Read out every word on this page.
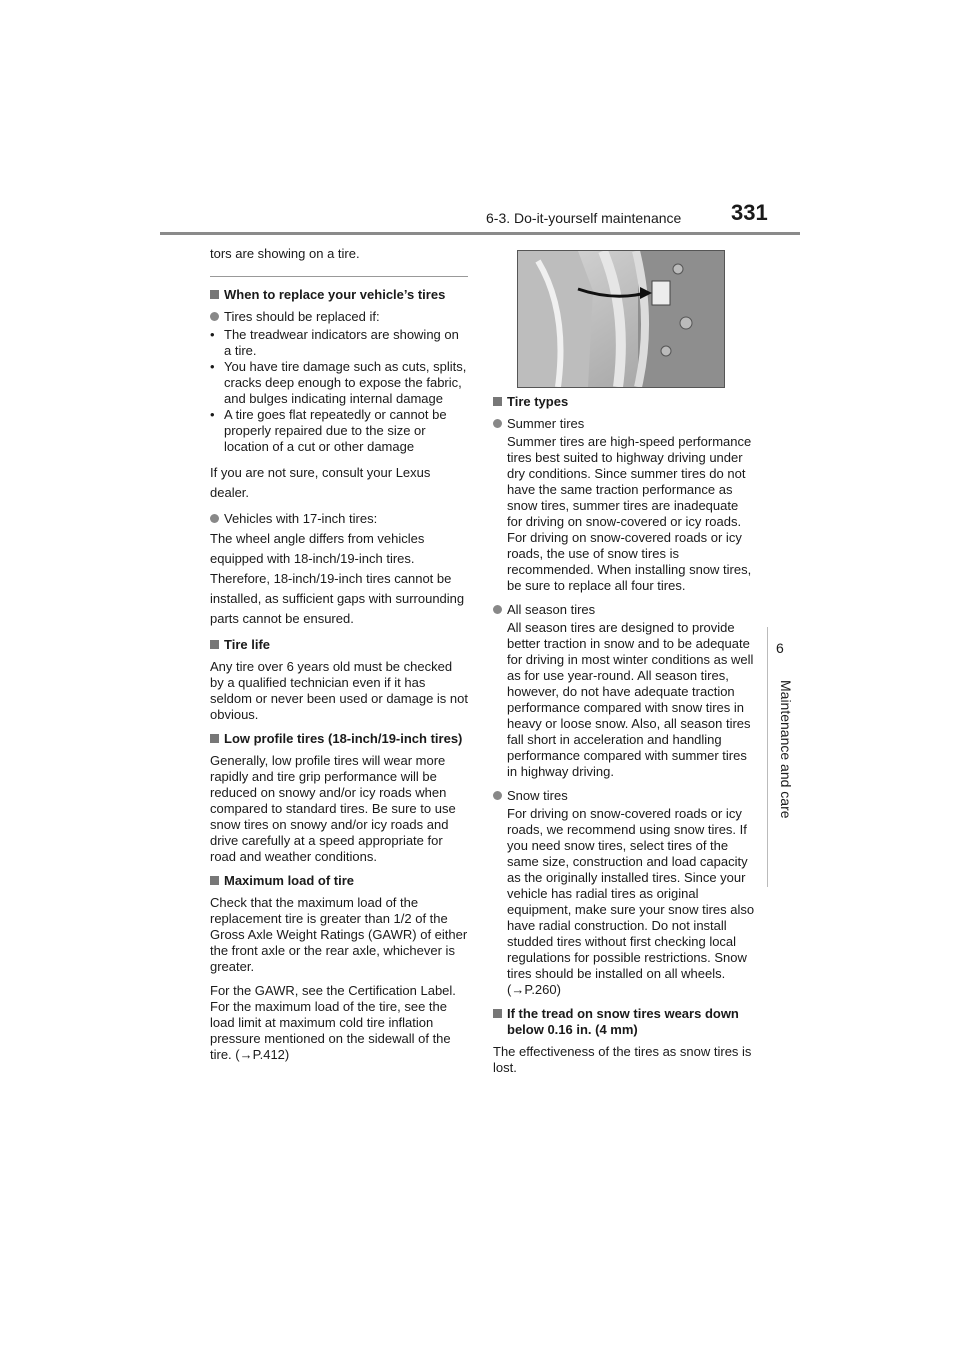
6-3. Do-it-yourself maintenance 331
6
Maintenance and care

tors are showing on a tire.

When to replace your vehicle’s tires
Tires should be replaced if:
• The treadwear indicators are showing on a tire.
• You have tire damage such as cuts, splits, cracks deep enough to expose the fabric, and bulges indicating internal damage
• A tire goes flat repeatedly or cannot be properly repaired due to the size or location of a cut or other damage

If you are not sure, consult your Lexus dealer.

Vehicles with 17-inch tires:

The wheel angle differs from vehicles equipped with 18-inch/19-inch tires. Therefore, 18-inch/19-inch tires cannot be installed, as sufficient gaps with surrounding parts cannot be ensured.

Tire life

Any tire over 6 years old must be checked by a qualified technician even if it has seldom or never been used or damage is not obvious.

Low profile tires (18-inch/19-inch tires)

Generally, low profile tires will wear more rapidly and tire grip performance will be reduced on snowy and/or icy roads when compared to standard tires. Be sure to use snow tires on snowy and/or icy roads and drive carefully at a speed appropriate for road and weather conditions.

Maximum load of tire

Check that the maximum load of the replacement tire is greater than 1/2 of the Gross Axle Weight Ratings (GAWR) of either the front axle or the rear axle, whichever is greater.

For the GAWR, see the Certification Label. For the maximum load of the tire, see the load limit at maximum cold tire inflation pressure mentioned on the sidewall of the tire. (→P.412)

Tire types
Summer tires

Summer tires are high-speed performance tires best suited to highway driving under dry conditions. Since summer tires do not have the same traction performance as snow tires, summer tires are inadequate for driving on snow-covered or icy roads. For driving on snow-covered roads or icy roads, the use of snow tires is recommended. When installing snow tires, be sure to replace all four tires.

All season tires

All season tires are designed to provide better traction in snow and to be adequate for driving in most winter conditions as well as for use year-round. All season tires, however, do not have adequate traction performance compared with snow tires in heavy or loose snow. Also, all season tires fall short in acceleration and handling performance compared with summer tires in highway driving.

Snow tires

For driving on snow-covered roads or icy roads, we recommend using snow tires. If you need snow tires, select tires of the same size, construction and load capacity as the originally installed tires. Since your vehicle has radial tires as original equipment, make sure your snow tires also have radial construction. Do not install studded tires without first checking local regulations for possible restrictions. Snow tires should be installed on all wheels. (→P.260)

If the tread on snow tires wears down below 0.16 in. (4 mm)

The effectiveness of the tires as snow tires is lost.
